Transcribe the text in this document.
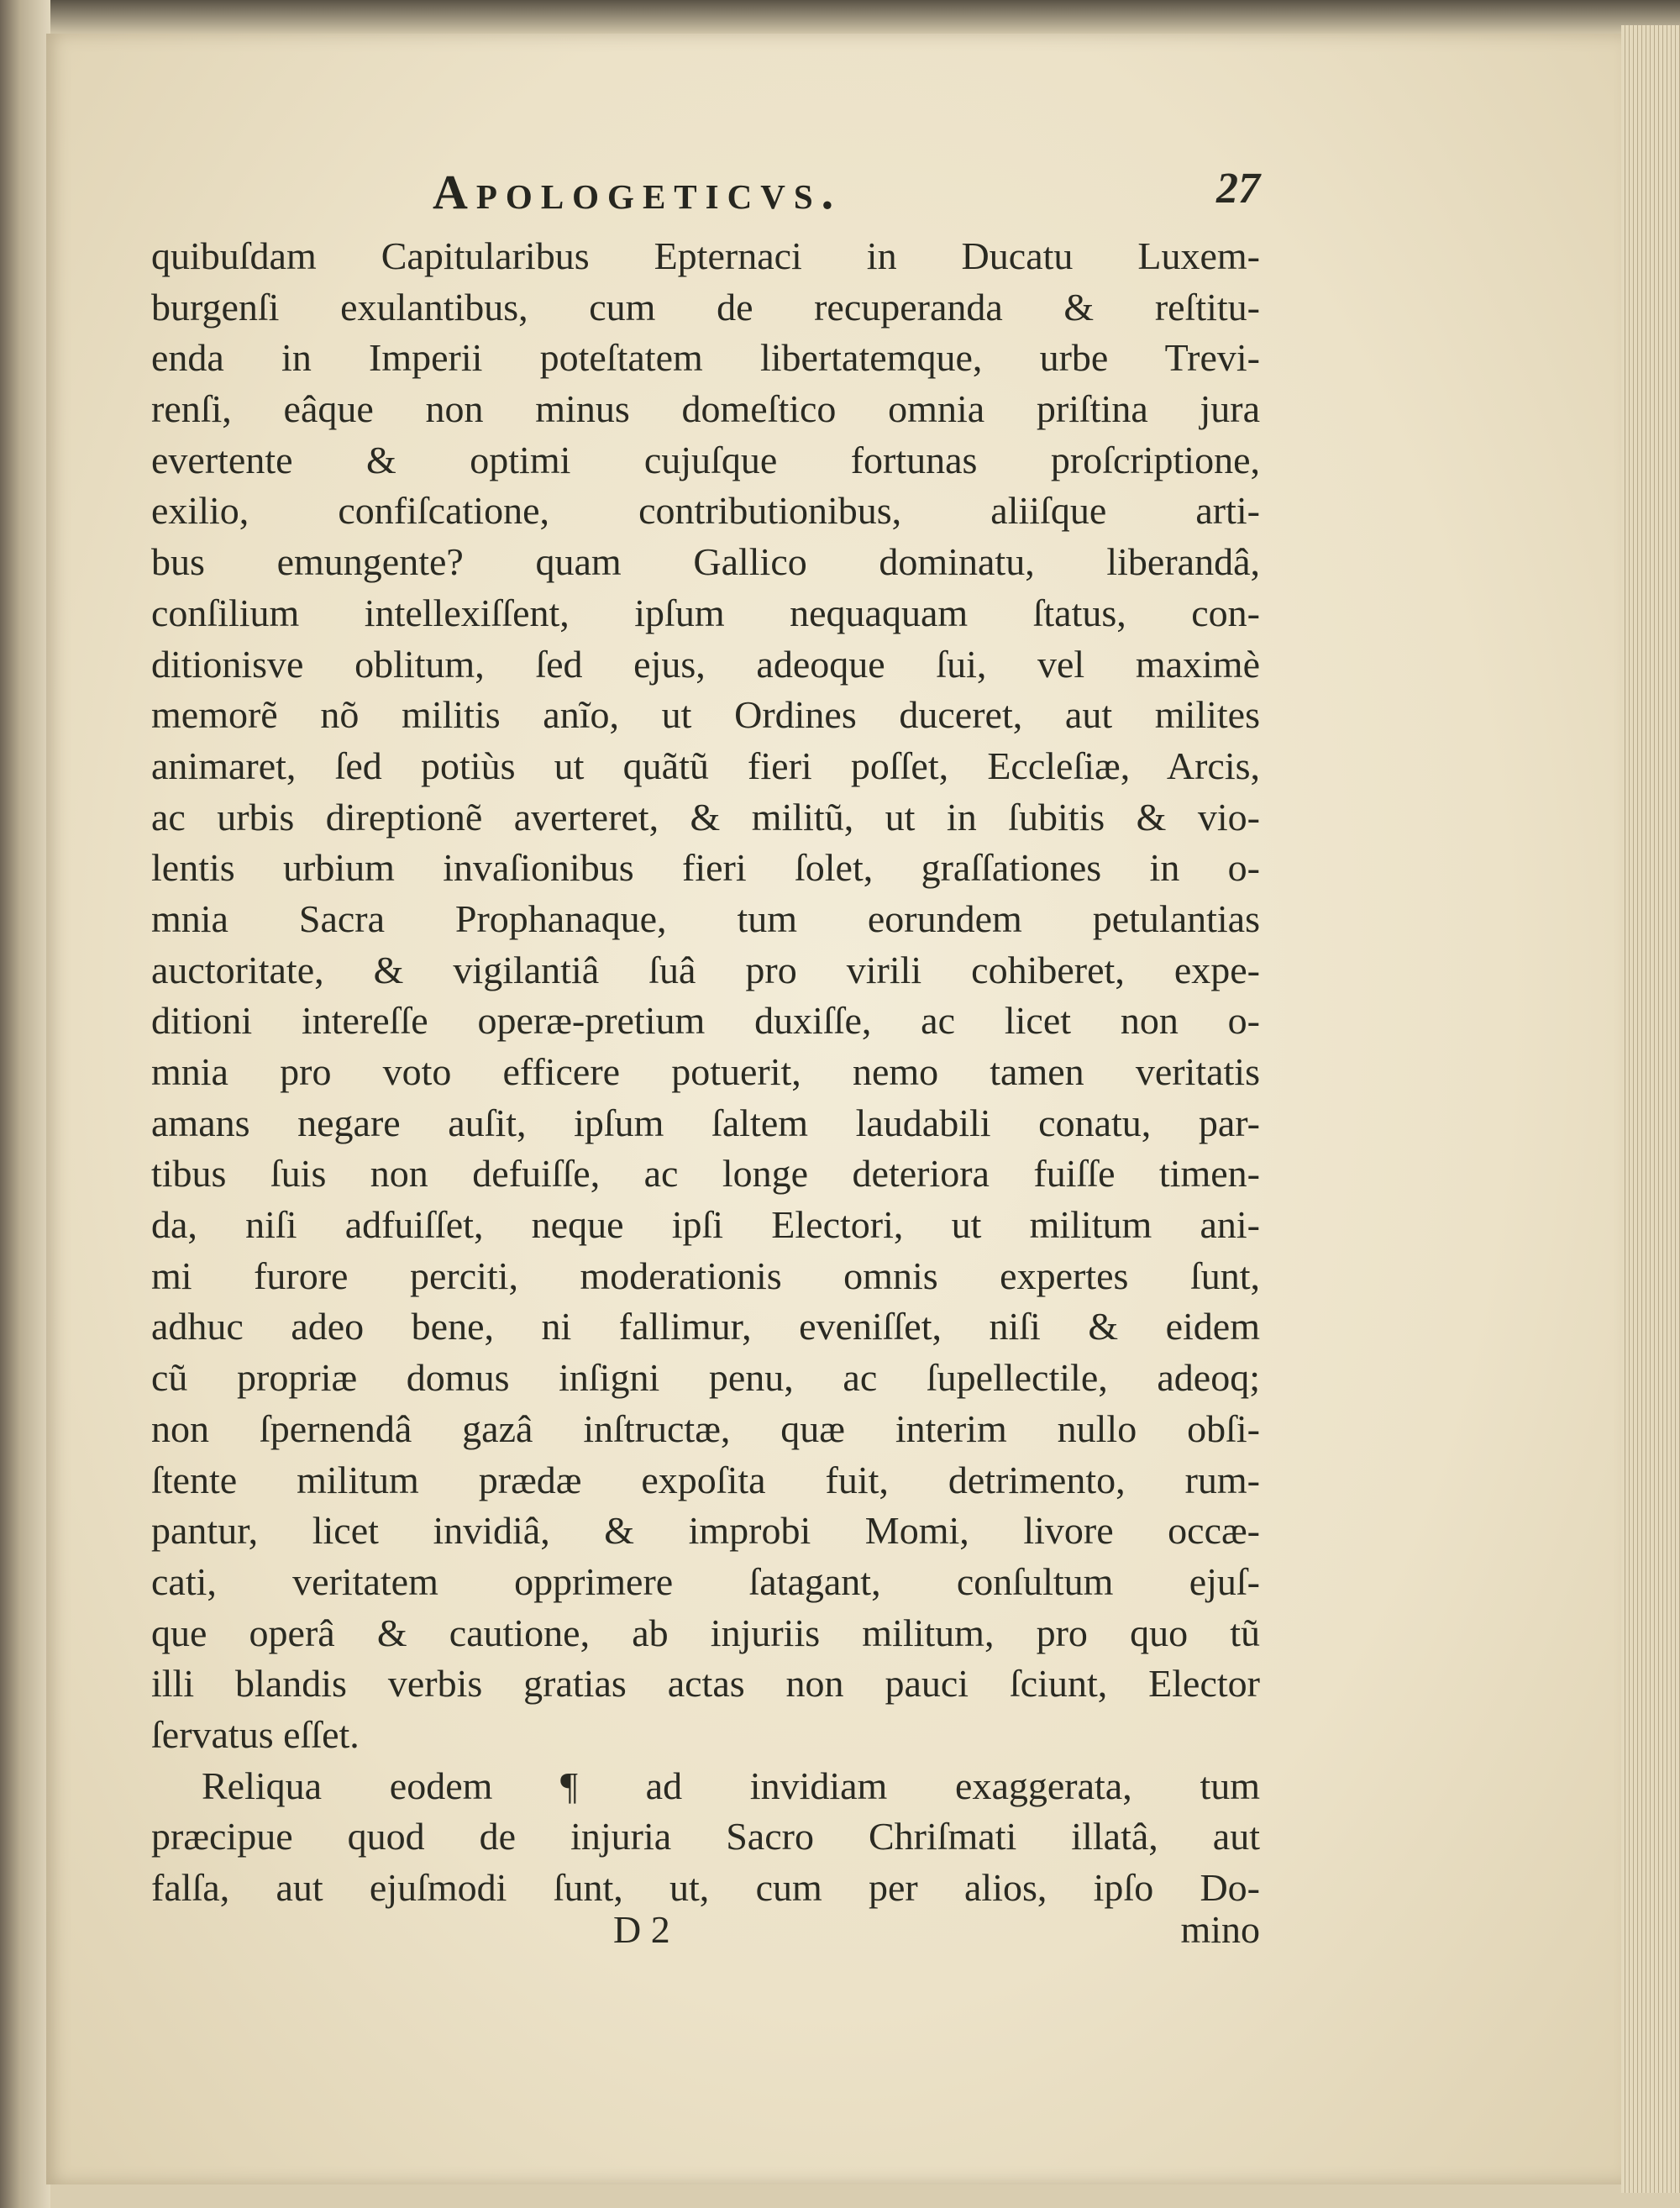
Apologeticvs.	27
quibuſdam Capitularibus Epternaci in Ducatu Luxem-
burgenſi exulantibus, cum de recuperanda & reſtitu-
enda in Imperii poteſtatem libertatemque, urbe Trevi-
renſi, eâque non minus domeſtico omnia priſtina jura
evertente & optimi cujuſque fortunas proſcriptione,
exilio, confiſcatione, contributionibus, aliiſque arti-
bus emungente? quam Gallico dominatu, liberandâ,
conſilium intellexiſſent, ipſum nequaquam ſtatus, con-
ditionisve oblitum, ſed ejus, adeoque ſui, vel maximè
memorẽ nõ militis anĩo, ut Ordines duceret, aut milites
animaret, ſed potiùs ut quãtũ fieri poſſet, Eccleſiæ, Arcis,
ac urbis direptionẽ averteret, & militũ, ut in ſubitis & vio-
lentis urbium invaſionibus fieri ſolet, graſſationes in o-
mnia Sacra Prophanaque, tum eorundem petulantias
auctoritate, & vigilantiâ ſuâ pro virili cohiberet, expe-
ditioni intereſſe operæ-pretium duxiſſe, ac licet non o-
mnia pro voto efficere potuerit, nemo tamen veritatis
amans negare auſit, ipſum ſaltem laudabili conatu, par-
tibus ſuis non defuiſſe, ac longe deteriora fuiſſe timen-
da, niſi adfuiſſet, neque ipſi Electori, ut militum ani-
mi furore perciti, moderationis omnis expertes ſunt,
adhuc adeo bene, ni fallimur, eveniſſet, niſi & eidem
cũ propriæ domus inſigni penu, ac ſupellectile, adeoq;
non ſpernendâ gazâ inſtructæ, quæ interim nullo obſi-
ſtente militum prædæ expoſita fuit, detrimento, rum-
pantur, licet invidiâ, & improbi Momi, livore occæ-
cati, veritatem opprimere ſatagant, conſultum ejuſ-
que operâ & cautione, ab injuriis militum, pro quo tũ
illi blandis verbis gratias actas non pauci ſciunt, Elector
ſervatus eſſet.
Reliqua eodem ¶ ad invidiam exaggerata, tum
præcipue quod de injuria Sacro Chriſmati illatâ, aut
falſa, aut ejuſmodi ſunt, ut, cum per alios, ipſo Do-
D 2	mino
